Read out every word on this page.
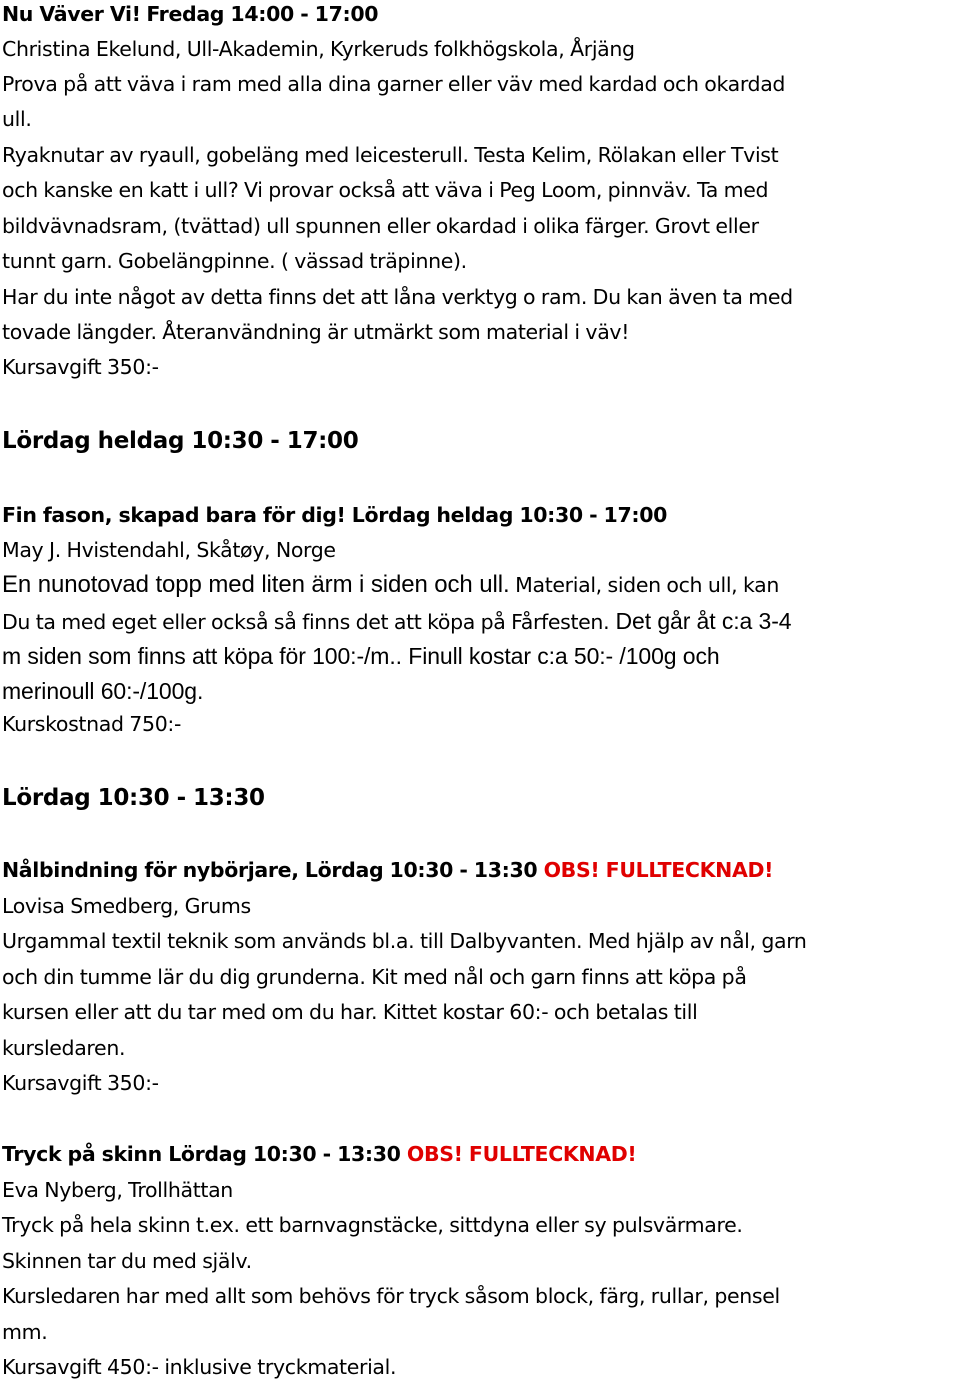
Nu Väver Vi! Fredag 14:00 - 17:00
Christina Ekelund, Ull-Akademin, Kyrkeruds folkhögskola, Årjäng
Prova på att väva i ram med alla dina garner eller väv med kardad och okardad
ull.
Ryaknutar av ryaull, gobeläng med leicesterull. Testa Kelim, Rölakan eller Tvist
och kanske en katt i ull? Vi provar också att väva i Peg Loom, pinnväv. Ta med
bildvävnadsram, (tvättad) ull spunnen eller okardad i olika färger. Grovt eller
tunnt garn. Gobelängpinne. ( vässad träpinne).
Har du inte något av detta finns det att låna verktyg o ram. Du kan även ta med
tovade längder. Återanvändning är utmärkt som material i väv!
Kursavgift 350:-
Lördag heldag 10:30 - 17:00
Fin fason, skapad bara för dig! Lördag heldag 10:30 - 17:00
May J. Hvistendahl, Skåtøy, Norge
En nunotovad topp med liten ärm i siden och ull. Material, siden och ull, kan
Du ta med eget eller också så finns det att köpa på Fårfesten. Det går åt c:a 3-4
m siden som finns att köpa för 100:-/m.. Finull kostar c:a 50:- /100g och
merinoull 60:-/100g.
Kurskostnad 750:-
Lördag 10:30 - 13:30
Nålbindning för nybörjare, Lördag 10:30 - 13:30 OBS! FULLTECKNAD!
Lovisa Smedberg, Grums
Urgammal textil teknik som används bl.a. till Dalbyvanten. Med hjälp av nål, garn
och din tumme lär du dig grunderna. Kit med nål och garn finns att köpa på
kursen eller att du tar med om du har. Kittet kostar 60:- och betalas till
kursledaren.
Kursavgift 350:-
Tryck på skinn Lördag 10:30 - 13:30 OBS! FULLTECKNAD!
Eva Nyberg, Trollhättan
Tryck på hela skinn t.ex. ett barnvagnstäcke, sittdyna eller sy pulsvärmare.
Skinnen tar du med själv.
Kursledaren har med allt som behövs för tryck såsom block, färg, rullar, pensel
mm.
Kursavgift 450:- inklusive tryckmaterial.
